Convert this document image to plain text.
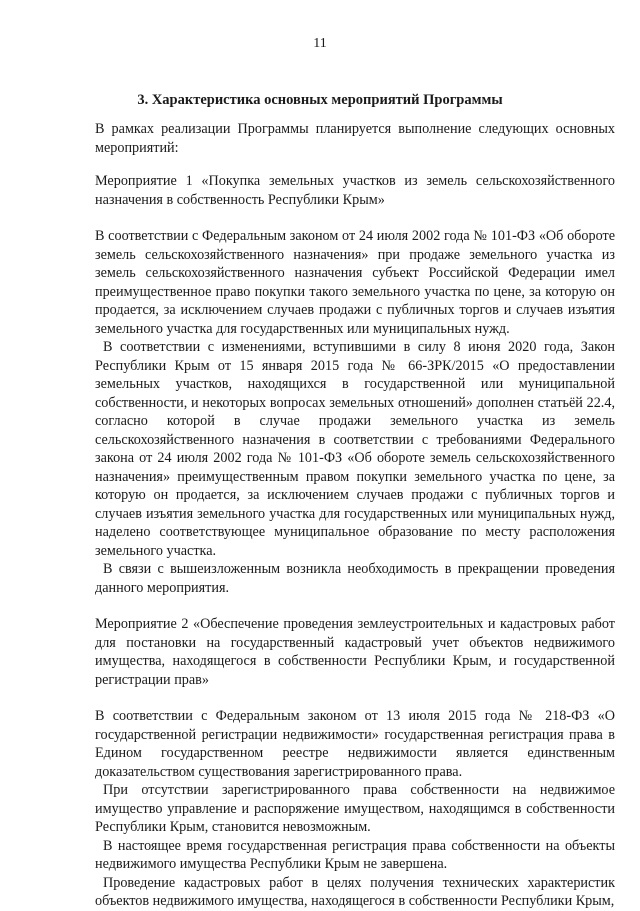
11
3. Характеристика основных мероприятий Программы

В рамках реализации Программы планируется выполнение следующих основных мероприятий:

Мероприятие 1 «Покупка земельных участков из земель сельскохозяйственного назначения в собственность Республики Крым»

В соответствии с Федеральным законом от 24 июля 2002 года № 101-ФЗ «Об обороте земель сельскохозяйственного назначения» при продаже земельного участка из земель сельскохозяйственного назначения субъект Российской Федерации имел преимущественное право покупки такого земельного участка по цене, за которую он продается, за исключением случаев продажи с публичных торгов и случаев изъятия земельного участка для государственных или муниципальных нужд.

В соответствии с изменениями, вступившими в силу 8 июня 2020 года, Закон Республики Крым от 15 января 2015 года № 66-ЗРК/2015 «О предоставлении земельных участков, находящихся в государственной или муниципальной собственности, и некоторых вопросах земельных отношений» дополнен статьёй 22.4, согласно которой в случае продажи земельного участка из земель сельскохозяйственного назначения в соответствии с требованиями Федерального закона от 24 июля 2002 года № 101-ФЗ «Об обороте земель сельскохозяйственного назначения» преимущественным правом покупки земельного участка по цене, за которую он продается, за исключением случаев продажи с публичных торгов и случаев изъятия земельного участка для государственных или муниципальных нужд, наделено соответствующее муниципальное образование по месту расположения земельного участка.

В связи с вышеизложенным возникла необходимость в прекращении проведения данного мероприятия.

Мероприятие 2 «Обеспечение проведения землеустроительных и кадастровых работ для постановки на государственный кадастровый учет объектов недвижимого имущества, находящегося в собственности Республики Крым, и государственной регистрации прав»

В соответствии с Федеральным законом от 13 июля 2015 года № 218-ФЗ «О государственной регистрации недвижимости» государственная регистрация права в Едином государственном реестре недвижимости является единственным доказательством существования зарегистрированного права.

При отсутствии зарегистрированного права собственности на недвижимое имущество управление и распоряжение имуществом, находящимся в собственности Республики Крым, становится невозможным.

В настоящее время государственная регистрация права собственности на объекты недвижимого имущества Республики Крым не завершена.

Проведение кадастровых работ в целях получения технических характеристик объектов недвижимого имущества, находящегося в собственности Республики Крым,
